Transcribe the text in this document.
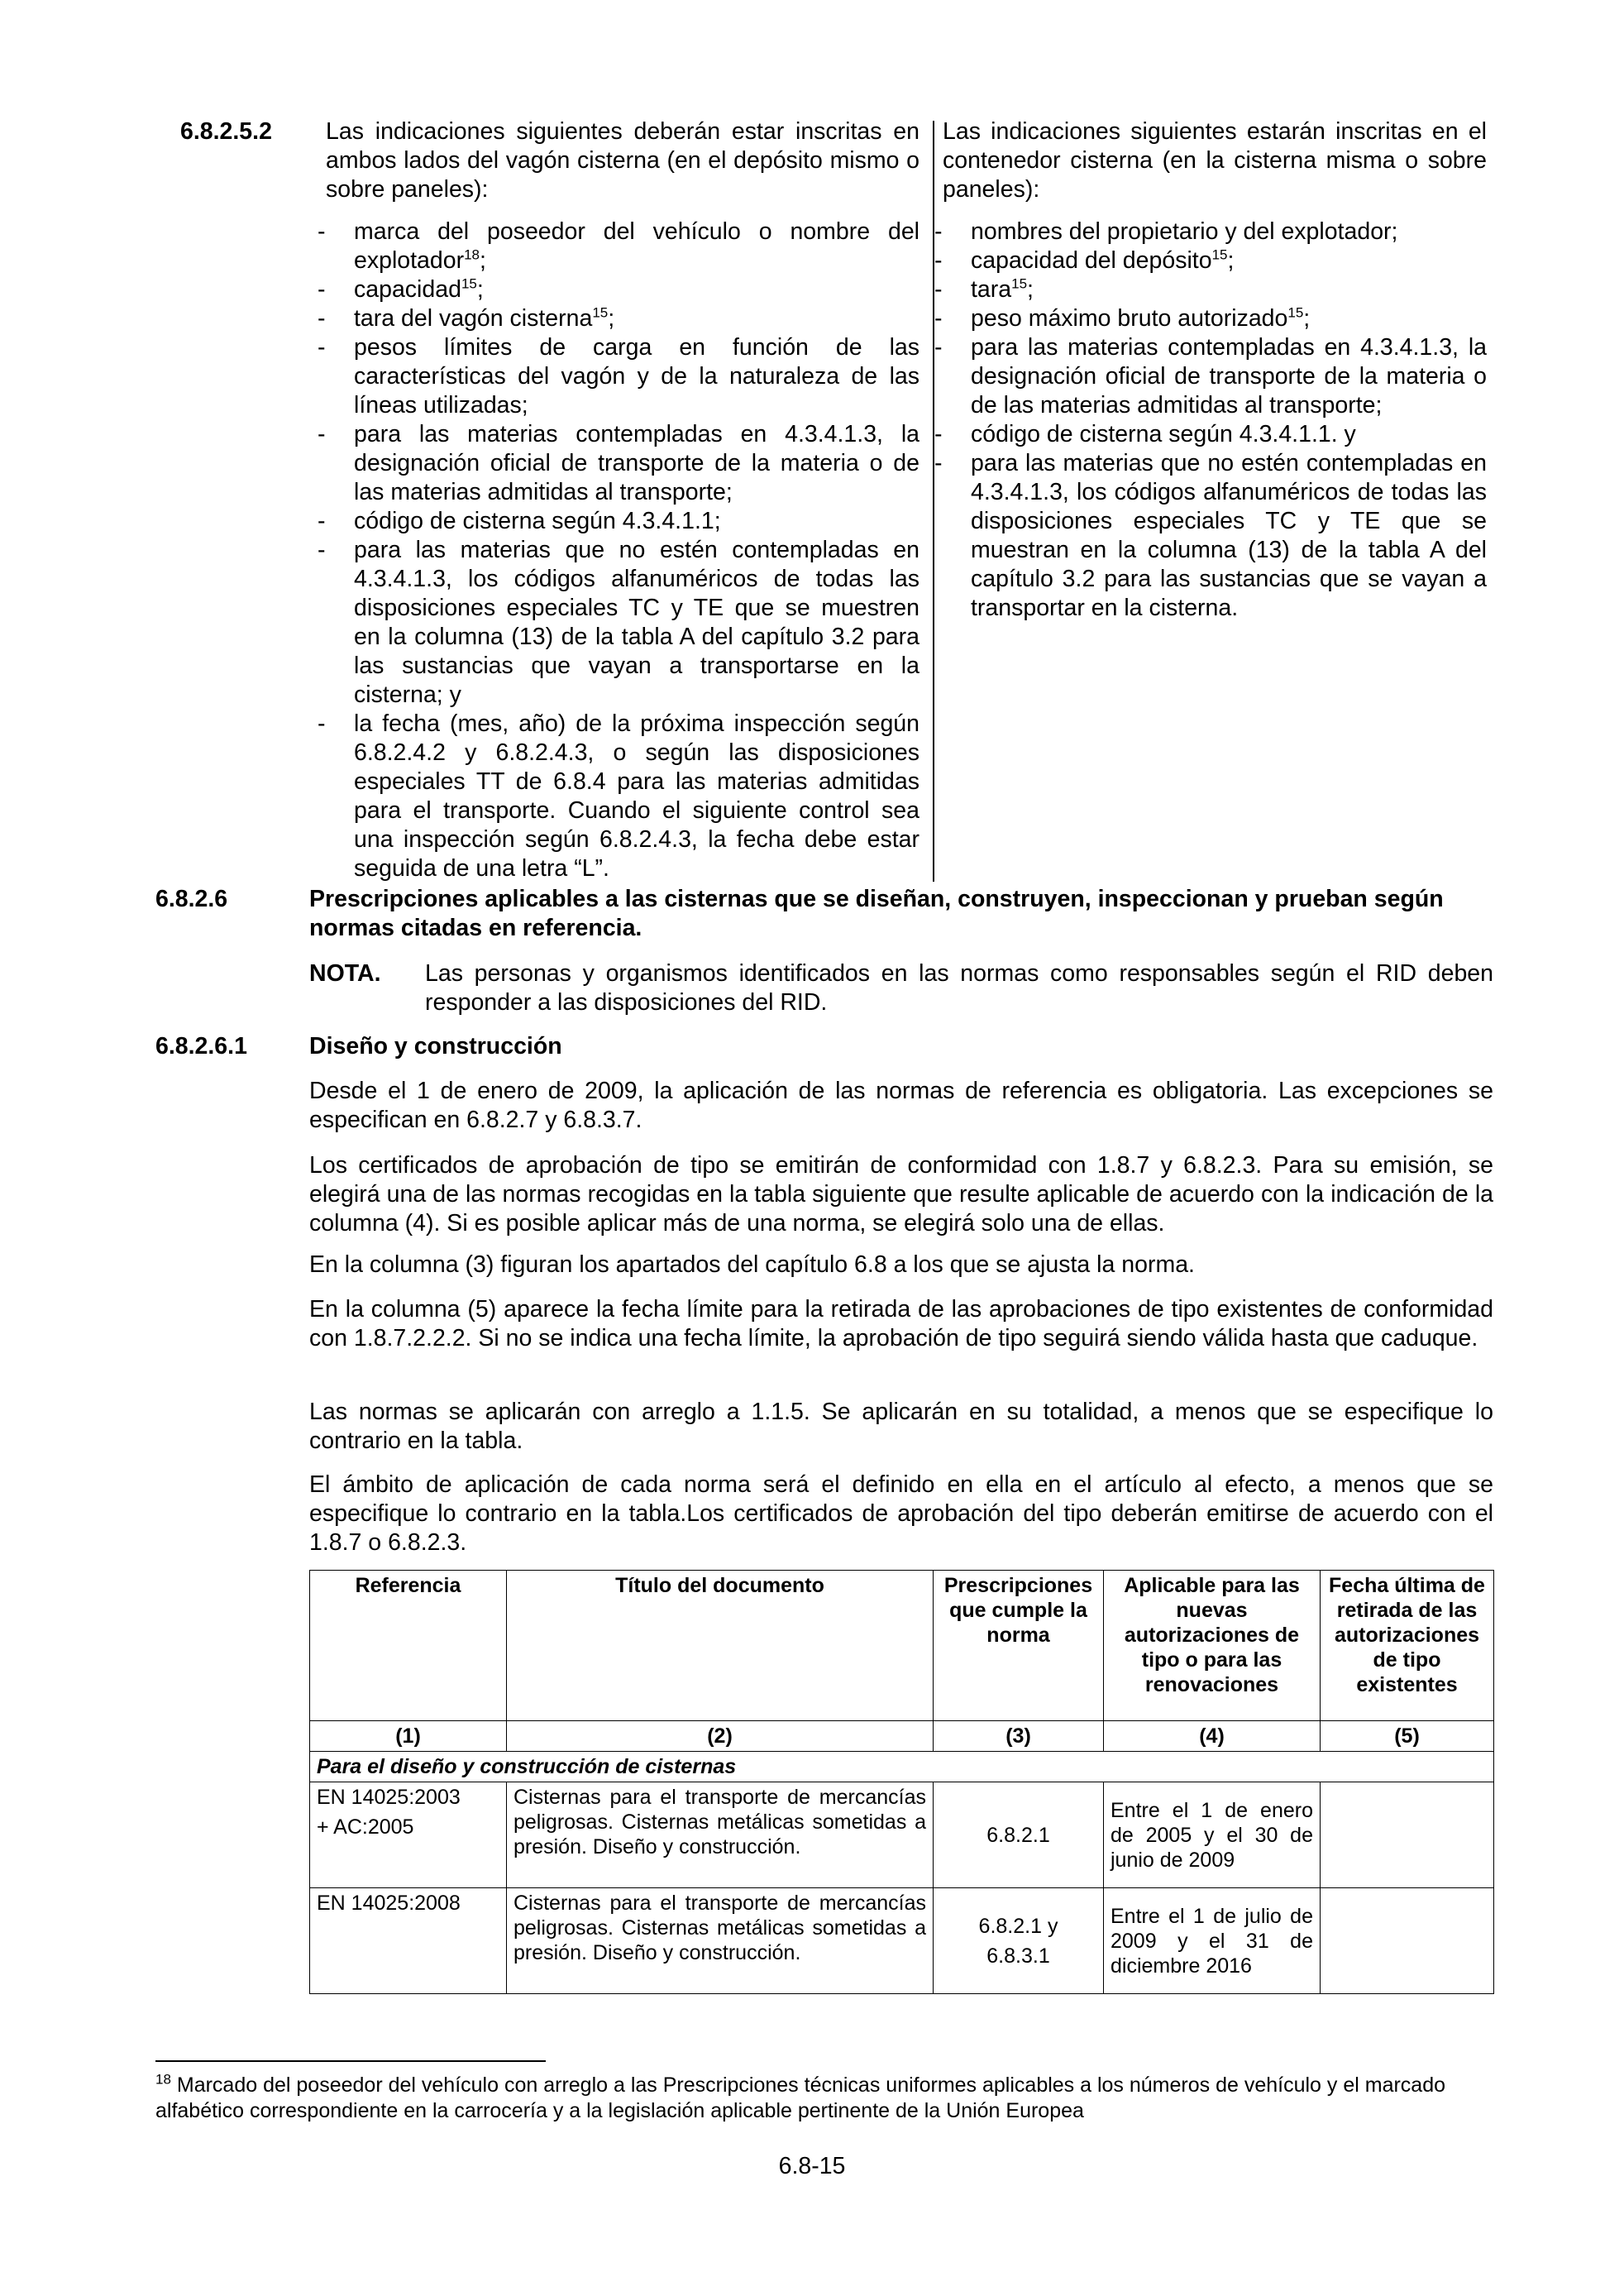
6.8.2.5.2 Las indicaciones siguientes deberán estar inscritas en ambos lados del vagón cisterna (en el depósito mismo o sobre paneles):
Las indicaciones siguientes estarán inscritas en el contenedor cisterna (en la cisterna misma o sobre paneles):
- marca del poseedor del vehículo o nombre del explotador$^{18}$;

- capacidad$^{15}$;

- tara del vagón cisterna$^{15}$;

- pesos límites de carga en función de las características del vagón y de la naturaleza de las líneas utilizadas;

- para las materias contempladas en 4.3.4.1.3, la designación oficial de transporte de la materia o de las materias admitidas al transporte;

- código de cisterna según 4.3.4.1.1;

- para las materias que no estén contempladas en 4.3.4.1.3, los códigos alfanuméricos de todas las disposiciones especiales TC y TE que se muestren en la columna (13) de la tabla A del capítulo 3.2 para las sustancias que vayan a transportarse en la cisterna; y

- la fecha (mes, año) de la próxima inspección según 6.8.2.4.2 y 6.8.2.4.3, o según las disposiciones especiales TT de 6.8.4 para las materias admitidas para el transporte. Cuando el siguiente control sea una inspección según 6.8.2.4.3, la fecha debe estar seguida de una letra “L”.

- nombres del propietario y del explotador;

- capacidad del depósito$^{15}$;

- tara$^{15}$;

- peso máximo bruto autorizado$^{15}$;

- para las materias contempladas en 4.3.4.1.3, la designación oficial de transporte de la materia o de las materias admitidas al transporte;

- código de cisterna según 4.3.4.1.1. y

- para las materias que no estén contempladas en 4.3.4.1.3, los códigos alfanuméricos de todas las disposiciones especiales TC y TE que se muestran en la columna (13) de la tabla A del capítulo 3.2 para las sustancias que se vayan a transportar en la cisterna.

6.8.2.6	Prescripciones aplicables a las cisternas que se diseñan, construyen, inspeccionan y prueban según normas citadas en referencia.
NOTA. Las personas y organismos identificados en las normas como responsables según el RID deben responder a las disposiciones del RID.
6.8.2.6.1	Diseño y construcción
Desde el 1 de enero de 2009, la aplicación de las normas de referencia es obligatoria. Las excepciones se especifican en 6.8.2.7 y 6.8.3.7.
Los certificados de aprobación de tipo se emitirán de conformidad con 1.8.7 y 6.8.2.3. Para su emisión, se elegirá una de las normas recogidas en la tabla siguiente que resulte aplicable de acuerdo con la indicación de la columna (4). Si es posible aplicar más de una norma, se elegirá solo una de ellas.
En la columna (3) figuran los apartados del capítulo 6.8 a los que se ajusta la norma.
En la columna (5) aparece la fecha límite para la retirada de las aprobaciones de tipo existentes de conformidad con 1.8.7.2.2.2. Si no se indica una fecha límite, la aprobación de tipo seguirá siendo válida hasta que caduque.
Las normas se aplicarán con arreglo a 1.1.5. Se aplicarán en su totalidad, a menos que se especifique lo contrario en la tabla.
El ámbito de aplicación de cada norma será el definido en ella en el artículo al efecto, a menos que se especifique lo contrario en la tabla.Los certificados de aprobación del tipo deberán emitirse de acuerdo con el 1.8.7 o 6.8.2.3.
Referencia	Título del documento	Prescripciones que cumple la norma	Aplicable para las nuevas autorizaciones de tipo o para las renovaciones	Fecha última de retirada de las autorizaciones de tipo existentes
(1)	(2)	(3)	(4)	(5)
Para el diseño y construcción de cisternas				

EN 14025:2003
+ AC:2005	Cisternas para el transporte de mercancías peligrosas. Cisternas metálicas sometidas a presión. Diseño y construcción.	6.8.2.1	Entre el 1 de enero de 2005 y el 30 de junio de 2009	

EN 14025:2008	Cisternas para el transporte de mercancías peligrosas. Cisternas metálicas sometidas a presión. Diseño y construcción.	6.8.2.1 y
6.8.3.1	Entre el 1 de julio de 2009 y el 31 de diciembre 2016	
$^{18}$ Marcado del poseedor del vehículo con arreglo a las Prescripciones técnicas uniformes aplicables a los números de vehículo y el marcado alfabético correspondiente en la carrocería y a la legislación aplicable pertinente de la Unión Europea
6.8-15
